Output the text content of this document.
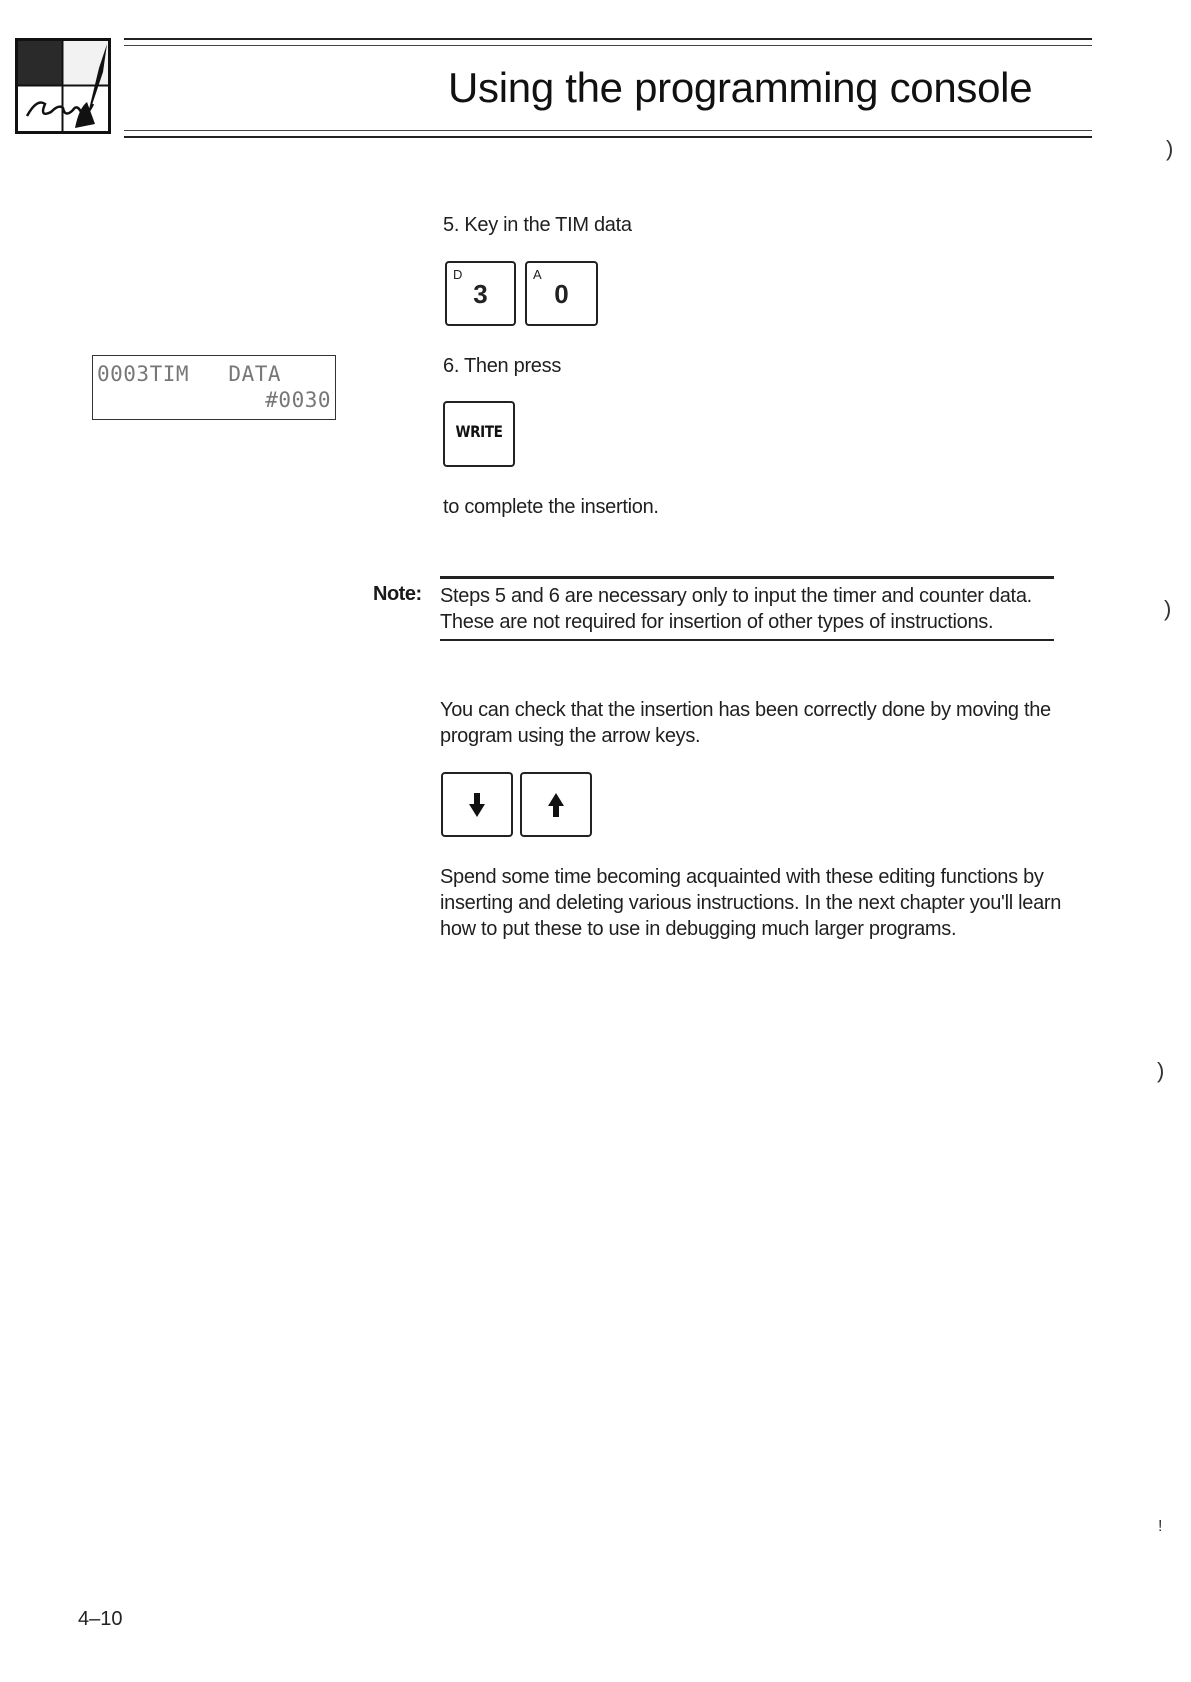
Using the programming console
5. Key in the TIM data
D
3
A
0
0003TIM   DATA
#0030
6. Then press
WRITE
to complete the insertion.
Note: Steps 5 and 6 are necessary only to input the timer and counter data.
These are not required for insertion of other types of instructions.
You can check that the insertion has been correctly done by moving the program using the arrow keys.
Spend some time becoming acquainted with these editing functions by inserting and deleting various instructions. In the next chapter you'll learn how to put these to use in debugging much larger programs.
)
)
)
!
4–10
